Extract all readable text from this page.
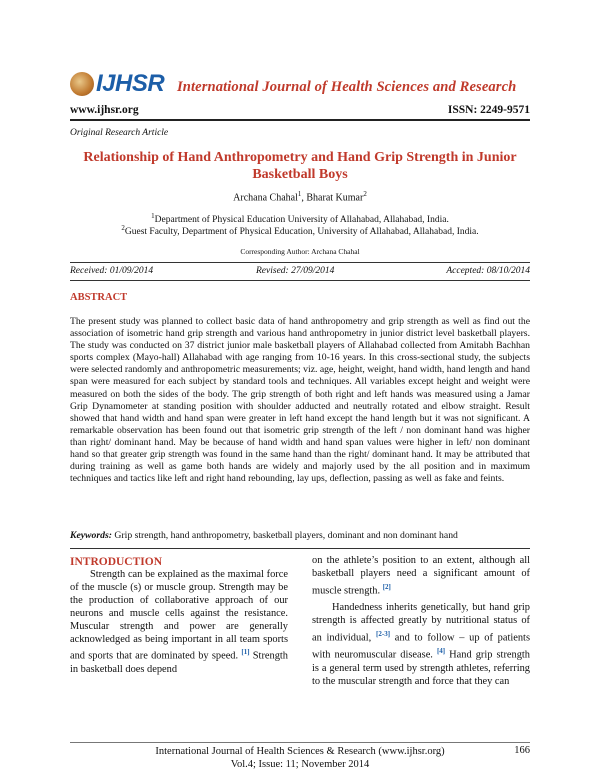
IJHSR International Journal of Health Sciences and Research
www.ijhsr.org	ISSN: 2249-9571
Original Research Article
Relationship of Hand Anthropometry and Hand Grip Strength in Junior Basketball Boys
Archana Chahal$^1$, Bharat Kumar$^2$
$^1$Department of Physical Education University of Allahabad, Allahabad, India.
$^2$Guest Faculty, Department of Physical Education, University of Allahabad, Allahabad, India.
Corresponding Author: Archana Chahal
Received: 01/09/2014	Revised: 27/09/2014	Accepted: 08/10/2014
ABSTRACT
The present study was planned to collect basic data of hand anthropometry and grip strength as well as find out the association of isometric hand grip strength and various hand anthropometry in junior district level basketball players. The study was conducted on 37 district junior male basketball players of Allahabad collected from Amitabh Bachhan sports complex (Mayo-hall) Allahabad with age ranging from 10-16 years. In this cross-sectional study, the subjects were selected randomly and anthropometric measurements; viz. age, height, weight, hand width, hand length and hand span were measured for each subject by standard tools and techniques. All variables except height and weight were measured on both the sides of the body. The grip strength of both right and left hands was measured using a Jamar Grip Dynamometer at standing position with shoulder adducted and neutrally rotated and elbow straight. Result showed that hand width and hand span were greater in left hand except the hand length but it was not significant. A remarkable observation has been found out that isometric grip strength of the left / non dominant hand was higher than right/ dominant hand. May be because of hand width and hand span values were higher in left/ non dominant hand so that greater grip strength was found in the same hand than the right/ dominant hand. It may be attributed that during training as well as game both hands are widely and majorly used by the all position and in maximum techniques and tactics like left and right hand rebounding, lay ups, deflection, passing as well as fake and feints.
Keywords: Grip strength, hand anthropometry, basketball players, dominant and non dominant hand
INTRODUCTION
Strength can be explained as the maximal force of the muscle (s) or muscle group. Strength may be the production of collaborative approach of our neurons and muscle cells against the resistance. Muscular strength and power are generally acknowledged as being important in all team sports and sports that are dominated by speed. [1] Strength in basketball does depend
on the athlete’s position to an extent, although all basketball players need a significant amount of muscle strength. [2]
Handedness inherits genetically, but hand grip strength is affected greatly by nutritional status of an individual, [2-3] and to follow – up of patients with neuromuscular disease. [4] Hand grip strength is a general term used by strength athletes, referring to the muscular strength and force that they can
International Journal of Health Sciences & Research (www.ijhsr.org)
Vol.4; Issue: 11; November 2014
166
